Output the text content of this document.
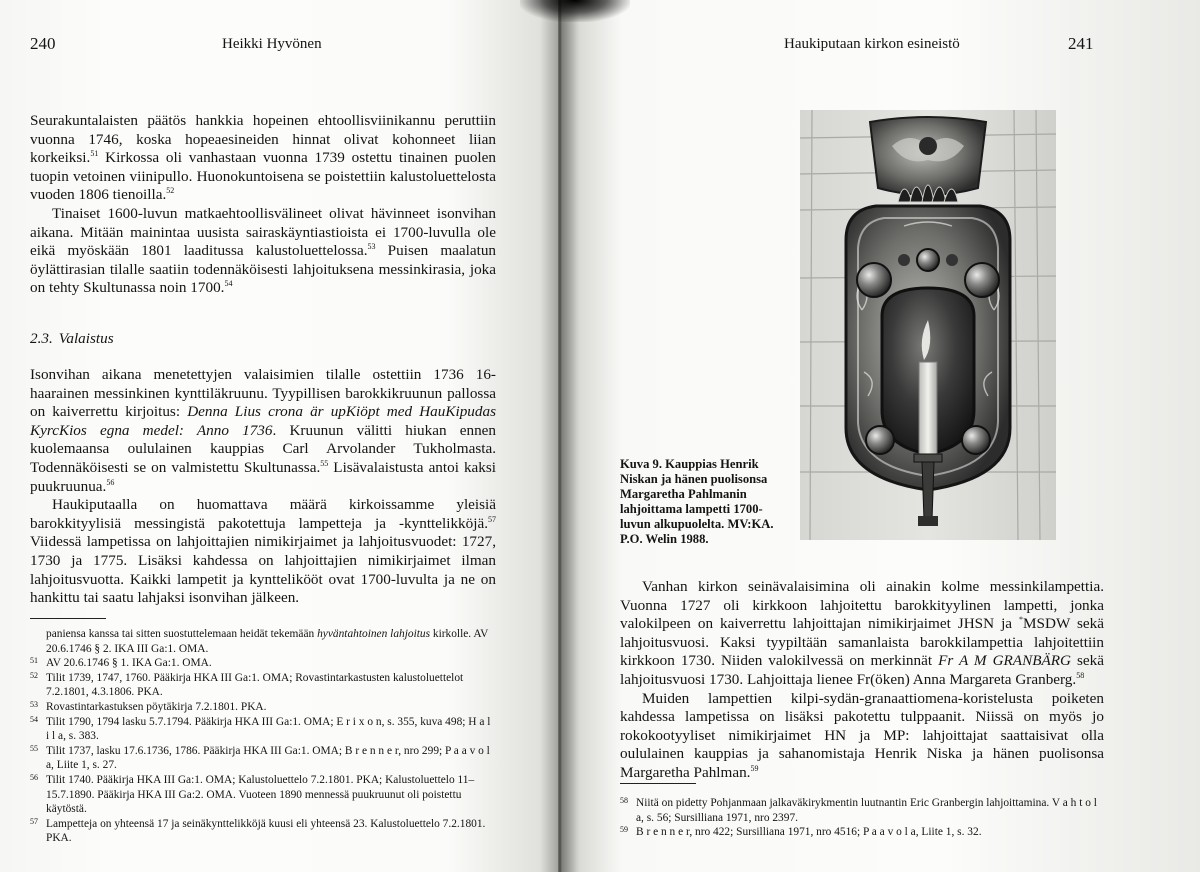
240	Heikki Hyvönen

Seurakuntalaisten päätös hankkia hopeinen ehtoollisviinikannu peruttiin vuonna 1746, koska hopeaesineiden hinnat olivat kohonneet liian korkeiksi.$^{51}$ Kirkossa oli vanhastaan vuonna 1739 ostettu tinainen puolen tuopin vetoinen viinipullo. Huonokuntoisena se poistettiin kalustoluettelosta vuoden 1806 tienoilla.$^{52}$

Tinaiset 1600-luvun matkaehtoollisvälineet olivat hävinneet isonvihan aikana. Mitään mainintaa uusista sairaskäyntiastioista ei 1700-luvulla ole eikä myöskään 1801 laaditussa kalustoluettelossa.$^{53}$ Puisen maalatun öylättirasian tilalle saatiin todennäköisesti lahjoituksena messinkirasia, joka on tehty Skultunassa noin 1700.54

2.3. Valaistus

Isonvihan aikana menetettyjen valaisimien tilalle ostettiin 1736 16-haarainen messinkinen kynttiläkruunu. Tyypillisen barokkikruunun pallossa on kaiverrettu kirjoitus: Denna Lius crona är upKiöpt med HauKipudas KyrcKios egna medel: Anno 1736. Kruunun välitti hiukan ennen kuolemaansa oululainen kauppias Carl Arvolander Tukholmasta. Todennäköisesti se on valmistettu Skultunassa.$^{55}$ Lisävalaistusta antoi kaksi puukruunua.$^{56}$

Haukiputaalla on huomattava määrä kirkoissamme yleisiä barokkityylisiä messingistä pakotettuja lampetteja ja -kynttelikköjä.$^{57}$ Viidessä lampetissa on lahjoittajien nimikirjaimet ja lahjoitusvuodet: 1727, 1730 ja 1775. Lisäksi kahdessa on lahjoittajien nimikirjaimet ilman lahjoitusvuotta. Kaikki lampetit ja kynttelikööt ovat 1700-luvulta ja ne on hankittu tai saatu lahjaksi isonvihan jälkeen.

paniensa kanssa tai sitten suostuttelemaan heidät tekemään hyväntahtoinen lahjoitus kirkolle. AV 20.6.1746 § 2. IKA III Ga:1. OMA.

51 AV 20.6.1746 § 1. IKA Ga:1. OMA.

52 Tilit 1739, 1747, 1760. Pääkirja HKA III Ga:1. OMA; Rovastintarkastusten kalustoluettelot 7.2.1801, 4.3.1806. PKA.

53 Rovastintarkastuksen pöytäkirja 7.2.1801. PKA.

54 Tilit 1790, 1794 lasku 5.7.1794. Pääkirja HKA III Ga:1. OMA; E r i x o n, s. 355, kuva 498; H a l i l a, s. 383.

55 Tilit 1737, lasku 17.6.1736, 1786. Pääkirja HKA III Ga:1. OMA; B r e n n e r, nro 299; P a a v o l a, Liite 1, s. 27.

56 Tilit 1740. Pääkirja HKA III Ga:1. OMA; Kalustoluettelo 7.2.1801. PKA; Kalustoluettelo 11–15.7.1890. Pääkirja HKA III Ga:2. OMA. Vuoteen 1890 mennessä puukruunut oli poistettu käytöstä.

57 Lampetteja on yhteensä 17 ja seinäkynttelikköjä kuusi eli yhteensä 23. Kalustoluettelo 7.2.1801. PKA.

Haukiputaan kirkon esineistö	241
Kuva 9. Kauppias Henrik Niskan ja hänen puolisonsa Margaretha Pahlmanin lahjoittama lampetti 1700-luvun alkupuolelta. MV:KA. P.O. Welin 1988.

Vanhan kirkon seinävalaisimina oli ainakin kolme messinkilampettia. Vuonna 1727 oli kirkkoon lahjoitettu barokkityylinen lampetti, jonka valokilpeen on kaiverrettu lahjoittajan nimikirjaimet JHSN ja *MSDW sekä lahjoitusvuosi. Kaksi tyypiltään samanlaista barokkilampettia lahjoitettiin kirkkoon 1730. Niiden valokilvessä on merkinnät Fr A M GRANBÄRG sekä lahjoitusvuosi 1730. Lahjoittaja lienee Fr(öken) Anna Margareta Granberg.$^{58}$

Muiden lampettien kilpi-sydän-granaattiomena-koristelusta poiketen kahdessa lampetissa on lisäksi pakotettu tulppaanit. Niissä on myös jo rokokootyyliset nimikirjaimet HN ja MP: lahjoittajat saattaisivat olla oululainen kauppias ja sahanomistaja Henrik Niska ja hänen puolisonsa Margaretha Pahlman.$^{59}$

58 Niitä on pidetty Pohjanmaan jalkaväkirykmentin luutnantin Eric Granbergin lahjoittamina. V a h t o l a, s. 56; Sursilliana 1971, nro 2397.

59 B r e n n e r, nro 422; Sursilliana 1971, nro 4516; P a a v o l a, Liite 1, s. 32.
